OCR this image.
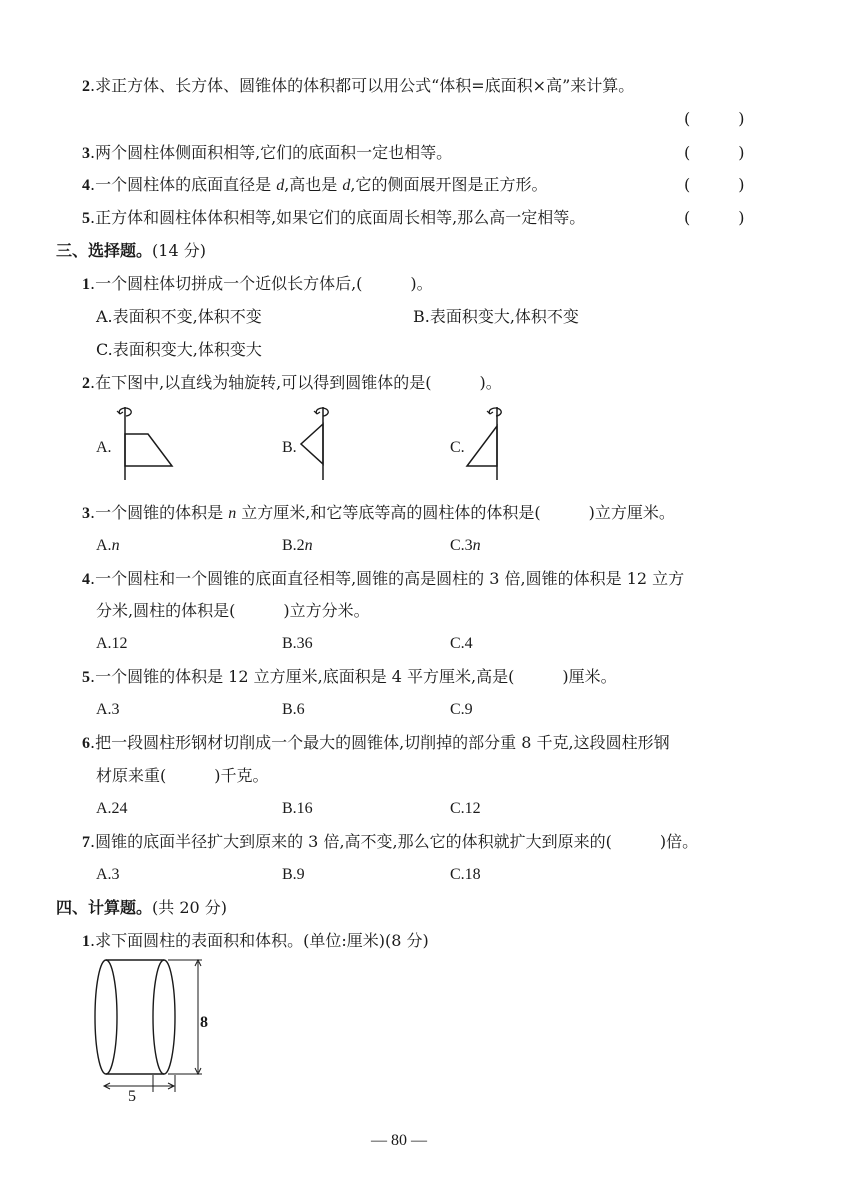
2.求正方体、长方体、圆锥体的体积都可以用公式“体积=底面积×高”来计算。
(　　　)
3.两个圆柱体侧面积相等,它们的底面积一定也相等。	(　　　)
4.一个圆柱体的底面直径是 d,高也是 d,它的侧面展开图是正方形。	(　　　)
5.正方体和圆柱体体积相等,如果它们的底面周长相等,那么高一定相等。	(　　　)
三、选择题。(14 分)
1.一个圆柱体切拼成一个近似长方体后,(　　　)。
A.表面积不变,体积不变	B.表面积变大,体积不变
C.表面积变大,体积变大
2.在下图中,以直线为轴旋转,可以得到圆锥体的是(　　　)。
A.	B.	C.
3.一个圆锥的体积是 n 立方厘米,和它等底等高的圆柱体的体积是(　　　)立方厘米。
A.n	B.2n	C.3n
4.一个圆柱和一个圆锥的底面直径相等,圆锥的高是圆柱的 3 倍,圆锥的体积是 12 立方
分米,圆柱的体积是(　　　)立方分米。
A.12	B.36	C.4
5.一个圆锥的体积是 12 立方厘米,底面积是 4 平方厘米,高是(　　　)厘米。
A.3	B.6	C.9
6.把一段圆柱形钢材切削成一个最大的圆锥体,切削掉的部分重 8 千克,这段圆柱形钢
材原来重(　　　)千克。
A.24	B.16	C.12
7.圆锥的底面半径扩大到原来的 3 倍,高不变,那么它的体积就扩大到原来的(　　　)倍。
A.3	B.9	C.18
四、计算题。(共 20 分)
1.求下面圆柱的表面积和体积。(单位:厘米)(8 分)
8
5
— 80 —
